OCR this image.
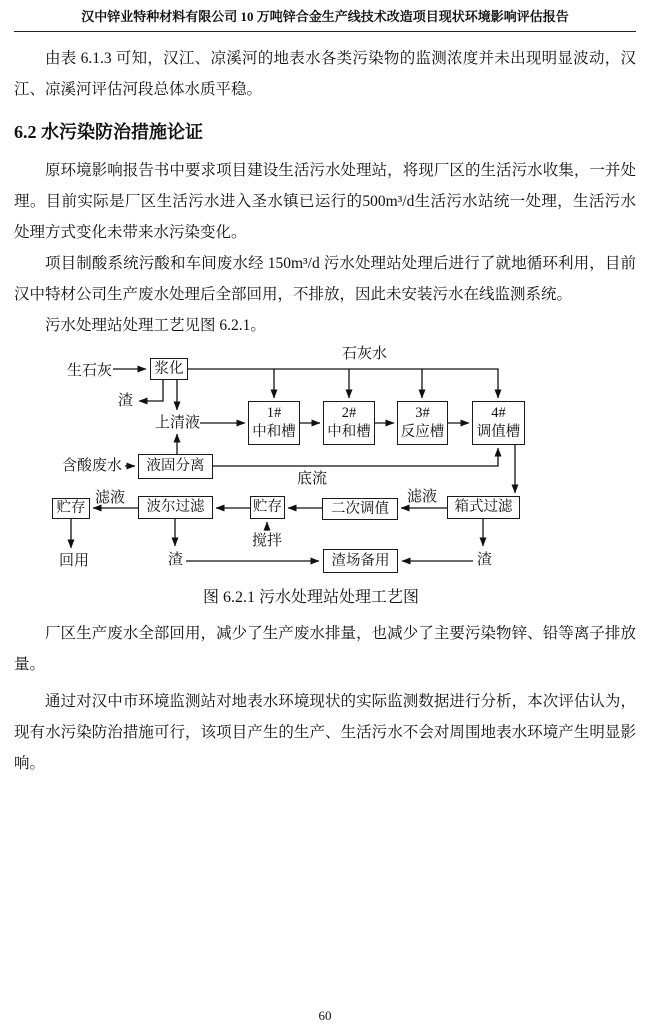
汉中锌业特种材料有限公司 10 万吨锌合金生产线技术改造项目现状环境影响评估报告

由表 6.1.3 可知，汉江、凉溪河的地表水各类污染物的监测浓度并未出现明显波动，汉江、凉溪河评估河段总体水质平稳。

6.2 水污染防治措施论证

原环境影响报告书中要求项目建设生活污水处理站，将现厂区的生活污水收集，一并处理。目前实际是厂区生活污水进入圣水镇已运行的500m³/d生活污水站统一处理，生活污水处理方式变化未带来水污染变化。

项目制酸系统污酸和车间废水经 150m³/d 污水处理站处理后进行了就地循环利用，目前汉中特材公司生产废水处理后全部回用，不排放，因此未安装污水在线监测系统。

污水处理站处理工艺见图 6.2.1。

浆化
1#
中和槽
2#
中和槽
3#
反应槽
4#
调值槽
液固分离
贮存	波尔过滤	贮存	二次调值	箱式过滤
渣场备用
生石灰
石灰水
渣
上清液
含酸废水
底流
滤液	滤液
搅拌
回用	渣	渣
图 6.2.1 污水处理站处理工艺图

厂区生产废水全部回用，减少了生产废水排量，也减少了主要污染物锌、铅等离子排放量。

通过对汉中市环境监测站对地表水环境现状的实际监测数据进行分析，本次评估认为，现有水污染防治措施可行，该项目产生的生产、生活污水不会对周围地表水环境产生明显影响。

60
